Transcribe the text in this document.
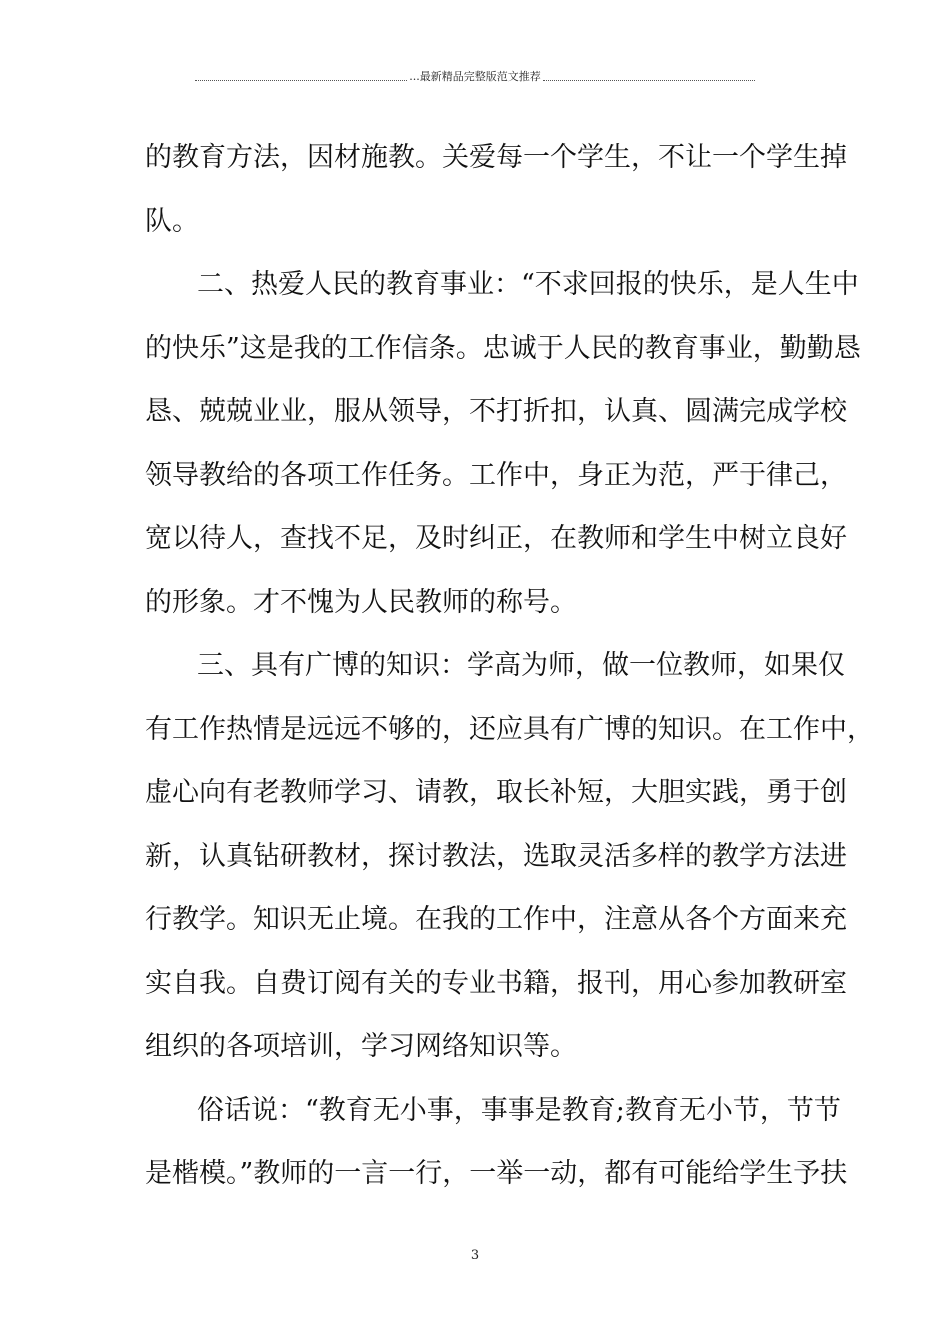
...最新精品完整版范文推荐
的教育方法，因材施教。关爱每一个学生，不让一个学生掉
队。
二、热爱人民的教育事业：“不求回报的快乐，是人生中
的快乐”这是我的工作信条。忠诚于人民的教育事业，勤勤恳
恳、兢兢业业，服从领导，不打折扣，认真、圆满完成学校
领导教给的各项工作任务。工作中，身正为范，严于律己，
宽以待人，查找不足，及时纠正，在教师和学生中树立良好
的形象。才不愧为人民教师的称号。
三、具有广博的知识：学高为师，做一位教师，如果仅
有工作热情是远远不够的，还应具有广博的知识。在工作中，
虚心向有老教师学习、请教，取长补短，大胆实践，勇于创
新，认真钻研教材，探讨教法，选取灵活多样的教学方法进
行教学。知识无止境。在我的工作中，注意从各个方面来充
实自我。自费订阅有关的专业书籍，报刊，用心参加教研室
组织的各项培训，学习网络知识等。
俗话说：“教育无小事，事事是教育;教育无小节，节节
是楷模。”教师的一言一行，一举一动，都有可能给学生予扶
3
